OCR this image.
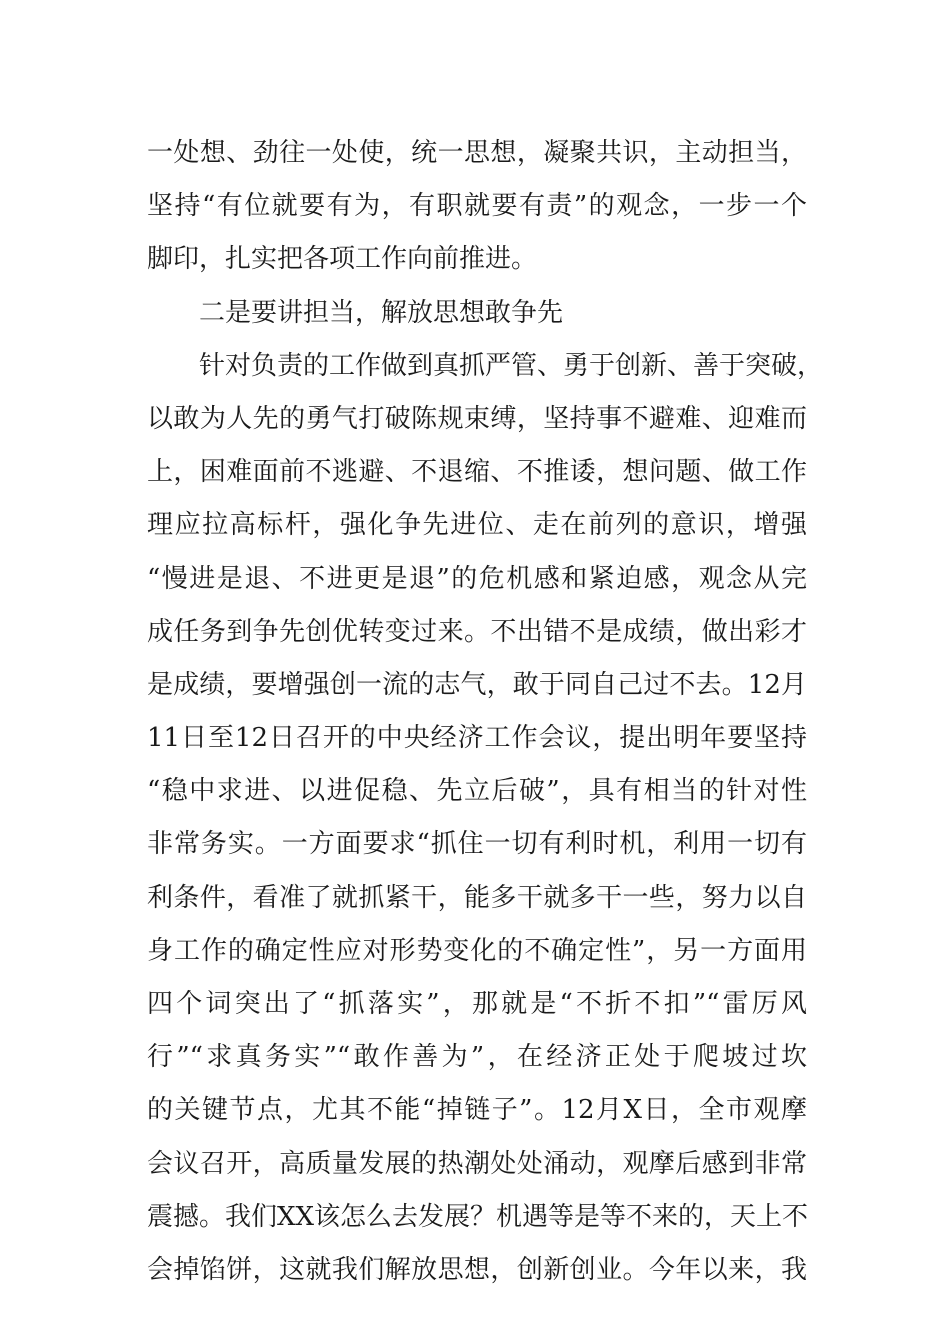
一处想、劲往一处使，统一思想，凝聚共识，主动担当，
坚持“有位就要有为，有职就要有责”的观念，一步一个
脚印，扎实把各项工作向前推进。
二是要讲担当，解放思想敢争先
针对负责的工作做到真抓严管、勇于创新、善于突破，
以敢为人先的勇气打破陈规束缚，坚持事不避难、迎难而
上，困难面前不逃避、不退缩、不推诿，想问题、做工作
理应拉高标杆，强化争先进位、走在前列的意识，增强
“慢进是退、不进更是退”的危机感和紧迫感，观念从完
成任务到争先创优转变过来。不出错不是成绩，做出彩才
是成绩，要增强创一流的志气，敢于同自己过不去。12月
11日至12日召开的中央经济工作会议，提出明年要坚持
“稳中求进、以进促稳、先立后破”，具有相当的针对性
非常务实。一方面要求“抓住一切有利时机，利用一切有
利条件，看准了就抓紧干，能多干就多干一些，努力以自
身工作的确定性应对形势变化的不确定性”，另一方面用
四个词突出了“抓落实”，那就是“不折不扣”“雷厉风
行”“求真务实”“敢作善为”，在经济正处于爬坡过坎
的关键节点，尤其不能“掉链子”。12月X日，全市观摩
会议召开，高质量发展的热潮处处涌动，观摩后感到非常
震撼。我们XX该怎么去发展？机遇等是等不来的，天上不
会掉馅饼，这就我们解放思想，创新创业。今年以来，我
